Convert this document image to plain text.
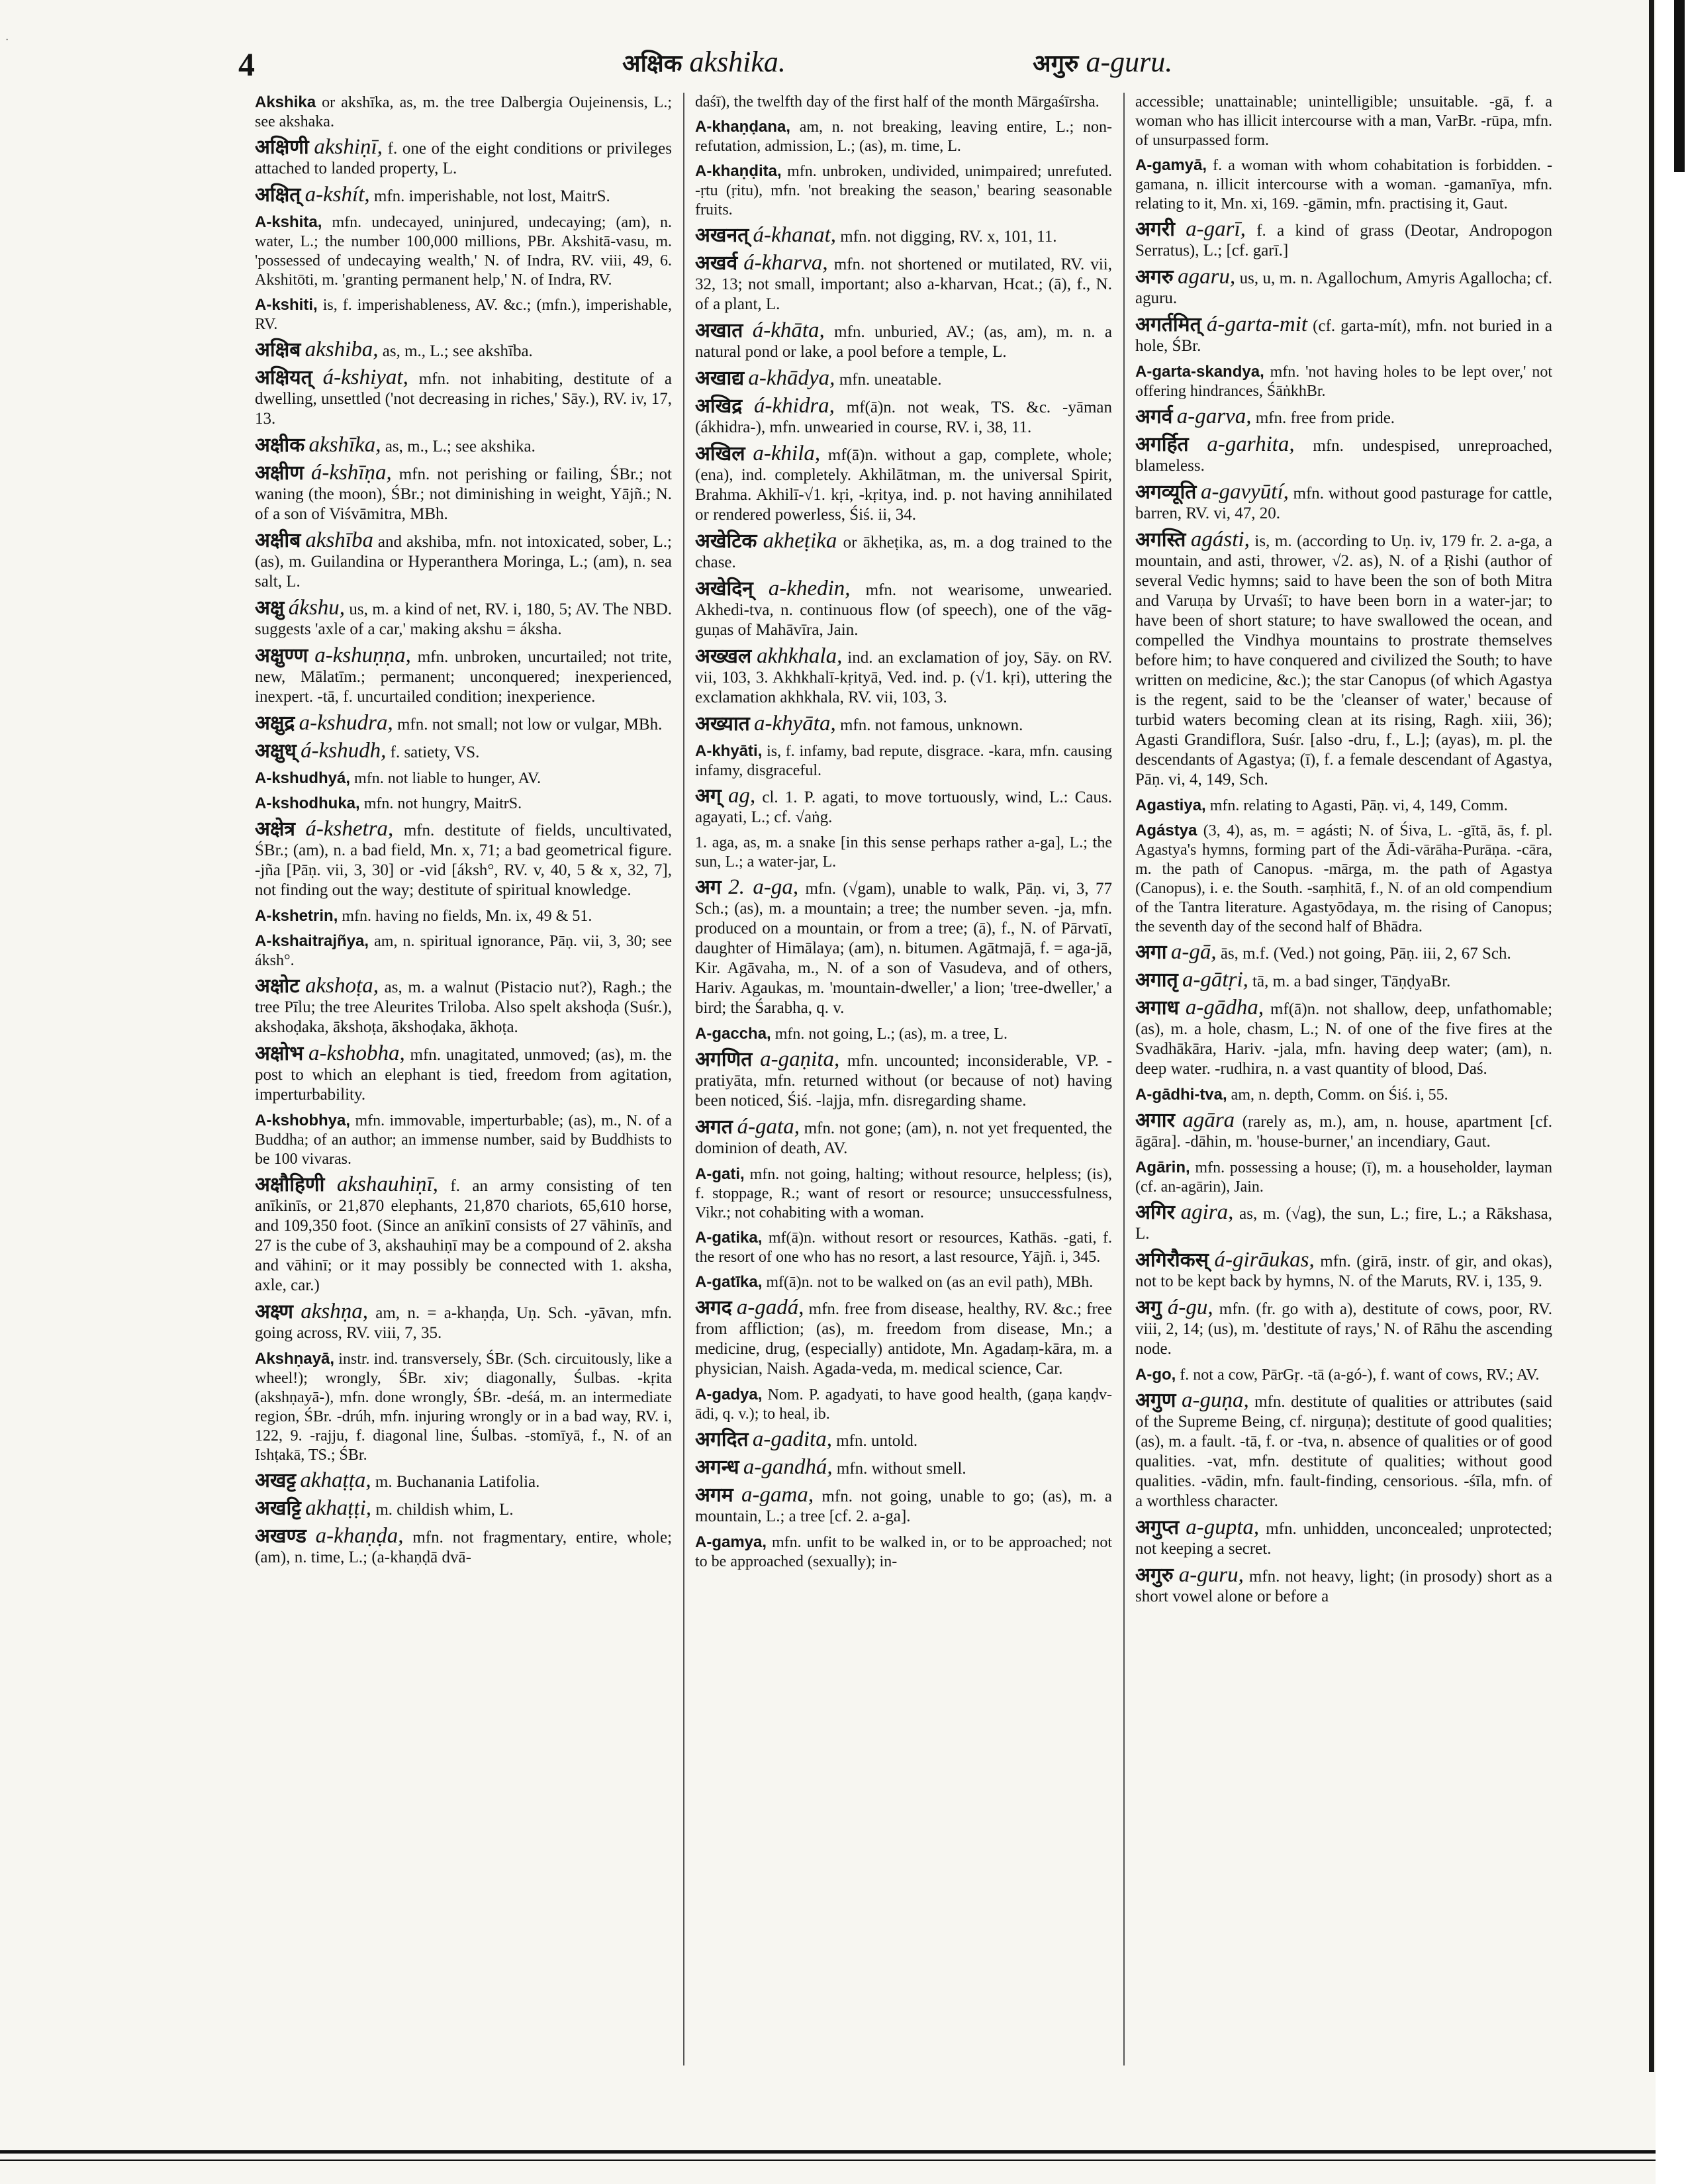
·
4	अक्षिक akshika.	अगुरु a-guru.
Akshika or akshīka, as, m. the tree Dalbergia Oujeinensis, L.; see akshaka.
अक्षिणी akshiṇī, f. one of the eight conditions or privileges attached to landed property, L.
अक्षित् a-kshít, mfn. imperishable, not lost, MaitrS.
A-kshita, mfn. undecayed, uninjured, undecaying; (am), n. water, L.; the number 100,000 millions, PBr. Akshitā-vasu, m. 'possessed of undecaying wealth,' N. of Indra, RV. viii, 49, 6. Akshitōti, m. 'granting permanent help,' N. of Indra, RV.
A-kshiti, is, f. imperishableness, AV. &c.; (mfn.), imperishable, RV.
अक्षिब akshiba, as, m., L.; see akshība.
अक्षियत् á-kshiyat, mfn. not inhabiting, destitute of a dwelling, unsettled ('not decreasing in riches,' Sāy.), RV. iv, 17, 13.
अक्षीक akshīka, as, m., L.; see akshika.
अक्षीण á-kshīṇa, mfn. not perishing or failing, ŚBr.; not waning (the moon), ŚBr.; not diminishing in weight, Yājñ.; N. of a son of Viśvāmitra, MBh.
अक्षीब akshība and akshiba, mfn. not intoxicated, sober, L.; (as), m. Guilandina or Hyperanthera Moringa, L.; (am), n. sea salt, L.
अक्षु ákshu, us, m. a kind of net, RV. i, 180, 5; AV. The NBD. suggests 'axle of a car,' making akshu = áksha.
अक्षुण्ण a-kshuṇṇa, mfn. unbroken, uncurtailed; not trite, new, Mālatīm.; permanent; unconquered; inexperienced, inexpert. -tā, f. uncurtailed condition; inexperience.
अक्षुद्र a-kshudra, mfn. not small; not low or vulgar, MBh.
अक्षुध् á-kshudh, f. satiety, VS.
A-kshudhyá, mfn. not liable to hunger, AV.
A-kshodhuka, mfn. not hungry, MaitrS.
अक्षेत्र á-kshetra, mfn. destitute of fields, uncultivated, ŚBr.; (am), n. a bad field, Mn. x, 71; a bad geometrical figure. -jña [Pāṇ. vii, 3, 30] or -vid [áksh°, RV. v, 40, 5 & x, 32, 7], not finding out the way; destitute of spiritual knowledge.
A-kshetrin, mfn. having no fields, Mn. ix, 49 & 51.
A-kshaitrajñya, am, n. spiritual ignorance, Pāṇ. vii, 3, 30; see áksh°.
अक्षोट akshoṭa, as, m. a walnut (Pistacio nut?), Ragh.; the tree Pīlu; the tree Aleurites Triloba. Also spelt akshoḍa (Suśr.), akshoḍaka, ākshoṭa, ākshoḍaka, ākhoṭa.
अक्षोभ a-kshobha, mfn. unagitated, unmoved; (as), m. the post to which an elephant is tied, freedom from agitation, imperturbability.
A-kshobhya, mfn. immovable, imperturbable; (as), m., N. of a Buddha; of an author; an immense number, said by Buddhists to be 100 vivaras.
अक्षौहिणी akshauhiṇī, f. an army consisting of ten anīkinīs, or 21,870 elephants, 21,870 chariots, 65,610 horse, and 109,350 foot. (Since an anīkinī consists of 27 vāhinīs, and 27 is the cube of 3, akshauhiṇī may be a compound of 2. aksha and vāhinī; or it may possibly be connected with 1. aksha, axle, car.)
अक्ष्ण akshṇa, am, n. = a-khaṇḍa, Uṇ. Sch. -yāvan, mfn. going across, RV. viii, 7, 35.
Akshṇayā, instr. ind. transversely, ŚBr. (Sch. circuitously, like a wheel!); wrongly, ŚBr. xiv; diagonally, Śulbas. -kṛita (akshṇayā-), mfn. done wrongly, ŚBr. -deśá, m. an intermediate region, ŚBr. -drúh, mfn. injuring wrongly or in a bad way, RV. i, 122, 9. -rajju, f. diagonal line, Śulbas. -stomīyā, f., N. of an Ishṭakā, TS.; ŚBr.
अखट्ट akhaṭṭa, m. Buchanania Latifolia.
अखट्टि akhaṭṭi, m. childish whim, L.
अखण्ड a-khaṇḍa, mfn. not fragmentary, entire, whole; (am), n. time, L.; (a-khaṇḍā dvā-
daśī), the twelfth day of the first half of the month Mārgaśīrsha.
A-khaṇḍana, am, n. not breaking, leaving entire, L.; non-refutation, admission, L.; (as), m. time, L.
A-khaṇḍita, mfn. unbroken, undivided, unimpaired; unrefuted. -ṛtu (ṛitu), mfn. 'not breaking the season,' bearing seasonable fruits.
अखनत् á-khanat, mfn. not digging, RV. x, 101, 11.
अखर्व á-kharva, mfn. not shortened or mutilated, RV. vii, 32, 13; not small, important; also a-kharvan, Hcat.; (ā), f., N. of a plant, L.
अखात á-khāta, mfn. unburied, AV.; (as, am), m. n. a natural pond or lake, a pool before a temple, L.
अखाद्य a-khādya, mfn. uneatable.
अखिद्र á-khidra, mf(ā)n. not weak, TS. &c. -yāman (ákhidra-), mfn. unwearied in course, RV. i, 38, 11.
अखिल a-khila, mf(ā)n. without a gap, complete, whole; (ena), ind. completely. Akhilātman, m. the universal Spirit, Brahma. Akhilī-√1. kṛi, -kṛitya, ind. p. not having annihilated or rendered powerless, Śiś. ii, 34.
अखेटिक akheṭika or ākheṭika, as, m. a dog trained to the chase.
अखेदिन् a-khedin, mfn. not wearisome, unwearied. Akhedi-tva, n. continuous flow (of speech), one of the vāg-guṇas of Mahāvīra, Jain.
अख्खल akhkhala, ind. an exclamation of joy, Sāy. on RV. vii, 103, 3. Akhkhalī-kṛityā, Ved. ind. p. (√1. kṛi), uttering the exclamation akhkhala, RV. vii, 103, 3.
अख्यात a-khyāta, mfn. not famous, unknown.
A-khyāti, is, f. infamy, bad repute, disgrace. -kara, mfn. causing infamy, disgraceful.
अग् ag, cl. 1. P. agati, to move tortuously, wind, L.: Caus. agayati, L.; cf. √aṅg.
1. aga, as, m. a snake [in this sense perhaps rather a-ga], L.; the sun, L.; a water-jar, L.
अग 2. a-ga, mfn. (√gam), unable to walk, Pāṇ. vi, 3, 77 Sch.; (as), m. a mountain; a tree; the number seven. -ja, mfn. produced on a mountain, or from a tree; (ā), f., N. of Pārvatī, daughter of Himālaya; (am), n. bitumen. Agātmajā, f. = aga-jā, Kir. Agāvaha, m., N. of a son of Vasudeva, and of others, Hariv. Agaukas, m. 'mountain-dweller,' a lion; 'tree-dweller,' a bird; the Śarabha, q. v.
A-gaccha, mfn. not going, L.; (as), m. a tree, L.
अगणित a-gaṇita, mfn. uncounted; inconsiderable, VP. -pratiyāta, mfn. returned without (or because of not) having been noticed, Śiś. -lajja, mfn. disregarding shame.
अगत á-gata, mfn. not gone; (am), n. not yet frequented, the dominion of death, AV.
A-gati, mfn. not going, halting; without resource, helpless; (is), f. stoppage, R.; want of resort or resource; unsuccessfulness, Vikr.; not cohabiting with a woman.
A-gatika, mf(ā)n. without resort or resources, Kathās. -gati, f. the resort of one who has no resort, a last resource, Yājñ. i, 345.
A-gatīka, mf(ā)n. not to be walked on (as an evil path), MBh.
अगद a-gadá, mfn. free from disease, healthy, RV. &c.; free from affliction; (as), m. freedom from disease, Mn.; a medicine, drug, (especially) antidote, Mn. Agadaṃ-kāra, m. a physician, Naish. Agada-veda, m. medical science, Car.
A-gadya, Nom. P. agadyati, to have good health, (gaṇa kaṇḍv-ādi, q. v.); to heal, ib.
अगदित a-gadita, mfn. untold.
अगन्ध a-gandhá, mfn. without smell.
अगम a-gama, mfn. not going, unable to go; (as), m. a mountain, L.; a tree [cf. 2. a-ga].
A-gamya, mfn. unfit to be walked in, or to be approached; not to be approached (sexually); in-
accessible; unattainable; unintelligible; unsuitable. -gā, f. a woman who has illicit intercourse with a man, VarBr. -rūpa, mfn. of unsurpassed form.
A-gamyā, f. a woman with whom cohabitation is forbidden. -gamana, n. illicit intercourse with a woman. -gamanīya, mfn. relating to it, Mn. xi, 169. -gāmin, mfn. practising it, Gaut.
अगरी a-garī, f. a kind of grass (Deotar, Andropogon Serratus), L.; [cf. garī.]
अगरु agaru, us, u, m. n. Agallochum, Amyris Agallocha; cf. aguru.
अगर्तमित् á-garta-mit (cf. garta-mít), mfn. not buried in a hole, ŚBr.
A-garta-skandya, mfn. 'not having holes to be lept over,' not offering hindrances, ŚāṅkhBr.
अगर्व a-garva, mfn. free from pride.
अगर्हित a-garhita, mfn. undespised, unreproached, blameless.
अगव्यूति a-gavyūtí, mfn. without good pasturage for cattle, barren, RV. vi, 47, 20.
अगस्ति agásti, is, m. (according to Uṇ. iv, 179 fr. 2. a-ga, a mountain, and asti, thrower, √2. as), N. of a Ṛishi (author of several Vedic hymns; said to have been the son of both Mitra and Varuṇa by Urvaśī; to have been born in a water-jar; to have been of short stature; to have swallowed the ocean, and compelled the Vindhya mountains to prostrate themselves before him; to have conquered and civilized the South; to have written on medicine, &c.); the star Canopus (of which Agastya is the regent, said to be the 'cleanser of water,' because of turbid waters becoming clean at its rising, Ragh. xiii, 36); Agasti Grandiflora, Suśr. [also -dru, f., L.]; (ayas), m. pl. the descendants of Agastya; (ī), f. a female descendant of Agastya, Pāṇ. vi, 4, 149, Sch.
Agastiya, mfn. relating to Agasti, Pāṇ. vi, 4, 149, Comm.
Agástya (3, 4), as, m. = agásti; N. of Śiva, L. -gītā, ās, f. pl. Agastya's hymns, forming part of the Ādi-vārāha-Purāṇa. -cāra, m. the path of Canopus. -mārga, m. the path of Agastya (Canopus), i. e. the South. -saṃhitā, f., N. of an old compendium of the Tantra literature. Agastyōdaya, m. the rising of Canopus; the seventh day of the second half of Bhādra.
अगा a-gā, ās, m.f. (Ved.) not going, Pāṇ. iii, 2, 67 Sch.
अगातृ a-gātṛi, tā, m. a bad singer, TāṇḍyaBr.
अगाध a-gādha, mf(ā)n. not shallow, deep, unfathomable; (as), m. a hole, chasm, L.; N. of one of the five fires at the Svadhākāra, Hariv. -jala, mfn. having deep water; (am), n. deep water. -rudhira, n. a vast quantity of blood, Daś.
A-gādhi-tva, am, n. depth, Comm. on Śiś. i, 55.
अगार agāra (rarely as, m.), am, n. house, apartment [cf. āgāra]. -dāhin, m. 'house-burner,' an incendiary, Gaut.
Agārin, mfn. possessing a house; (ī), m. a householder, layman (cf. an-agārin), Jain.
अगिर agira, as, m. (√ag), the sun, L.; fire, L.; a Rākshasa, L.
अगिरौकस् á-girāukas, mfn. (girā, instr. of gir, and okas), not to be kept back by hymns, N. of the Maruts, RV. i, 135, 9.
अगु á-gu, mfn. (fr. go with a), destitute of cows, poor, RV. viii, 2, 14; (us), m. 'destitute of rays,' N. of Rāhu the ascending node.
A-go, f. not a cow, PārGṛ. -tā (a-gó-), f. want of cows, RV.; AV.
अगुण a-guṇa, mfn. destitute of qualities or attributes (said of the Supreme Being, cf. nirguṇa); destitute of good qualities; (as), m. a fault. -tā, f. or -tva, n. absence of qualities or of good qualities. -vat, mfn. destitute of qualities; without good qualities. -vādin, mfn. fault-finding, censorious. -śīla, mfn. of a worthless character.
अगुप्त a-gupta, mfn. unhidden, unconcealed; unprotected; not keeping a secret.
अगुरु a-guru, mfn. not heavy, light; (in prosody) short as a short vowel alone or before a
